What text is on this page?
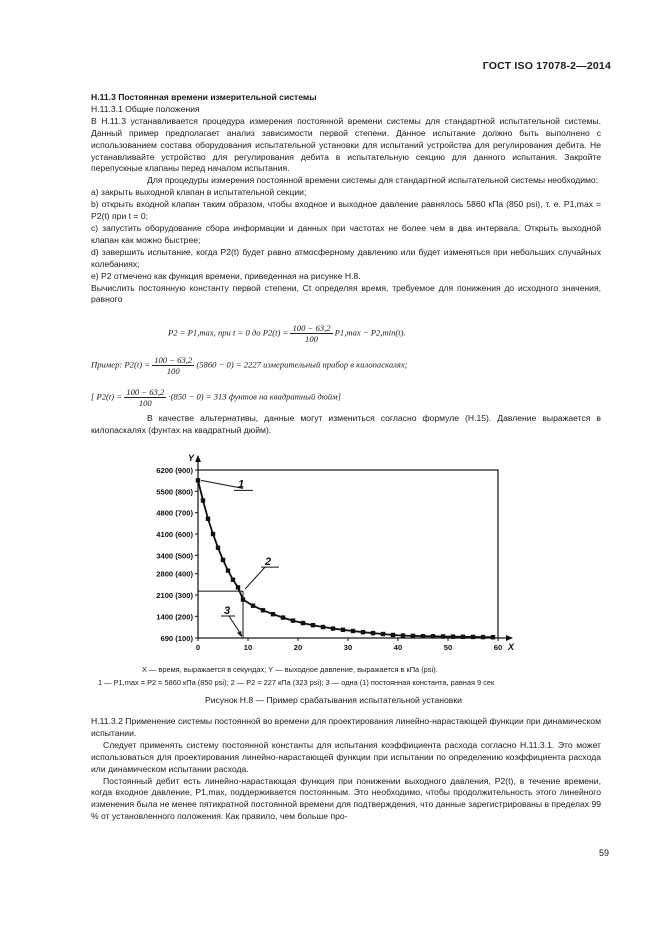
ГОСТ ISO 17078-2—2014

H.11.3 Постоянная времени измерительной системы

H.11.3.1 Общие положения

В H.11.3 устанавливается процедура измерения постоянной времени системы для стандартной испытательной системы. Данный пример предполагает анализ зависимости первой степени. Данное испытание должно быть выполнено с использованием состава оборудования испытательной установки для испытаний устройства для регулирования дебита. Не устанавливайте устройство для регулирования дебита в испытательную секцию для данного испытания. Закройте перепускные клапаны перед началом испытания.

Для процедуры измерения постоянной времени системы для стандартной испытательной системы необходимо:

a) закрыть выходной клапан в испытательной секции;

b) открыть входной клапан таким образом, чтобы входное и выходное давление равнялось 5860 кПа (850 psi), т. е. P1,max = P2(t) при t = 0;

c) запустить оборудование сбора информации и данных при частотах не более чем в два интервала. Открыть выходной клапан как можно быстрее;

d) завершить испытание, когда P2(t) будет равно атмосферному давлению или будет изменяться при небольших случайных колебаниях;

e) P2 отмечено как функция времени, приведенная на рисунке H.8.

Вычислить постоянную константу первой степени, Ct определяя время, требуемое для понижения до исходного значения, равного

P2 = P1,max, при t = 0 до $P2(t) = \frac{100 - 63,2}{100} P1,\max - P2,\min(t)$.
Пример: $P2(t) = \frac{100 - 63,2}{100} (5860 - 0) = 2227$ измерительный прибор в килопаскалях;
[ $P2(t) = \frac{100 - 63,2}{100} \cdot(850 - 0) = 313$ фунтов на квадратный дюйм]

В качестве альтернативы, данные могут измениться согласно формуле (H.15). Давление выражается в килопаскалях (фунтах на квадратный дюйм).

Y
X
690 (100)
1400 (200)
2100 (300)
2800 (400)
3400 (500)
4100 (600)
4800 (700)
5500 (800)
6200 (900)
0	10	20	30	40	50	60
1
2
3
X — время, выражается в секундах; Y — выходное давление, выражается в кПа (psi).
1 — P1,max = P2 = 5860 кПа (850 psi); 2 — P2 = 227 кПа (323 psi); 3 — одна (1) постоянная константа, равная 9 сек
Рисунок H.8 — Пример срабатывания испытательной установки

H.11.3.2 Применение системы постоянной во времени для проектирования линейно-нарастающей функции при динамическом испытании.

Следует применять систему постоянной константы для испытания коэффициента расхода согласно H.11.3.1. Это может использоваться для проектирования линейно-нарастающей функции при испытании по определению коэффициента расхода или динамическом испытании расхода.

Постоянный дебит есть линейно-нарастающая функция при понижении выходного давления, P2(t), в течение времени, когда входное давление, P1,max, поддерживается постоянным. Это необходимо, чтобы продолжительность этого линейного изменения была не менее пятикратной постоянной времени для подтверждения, что данные зарегистрированы в пределах 99 % от установленного положения. Как правило, чем больше про-

59
